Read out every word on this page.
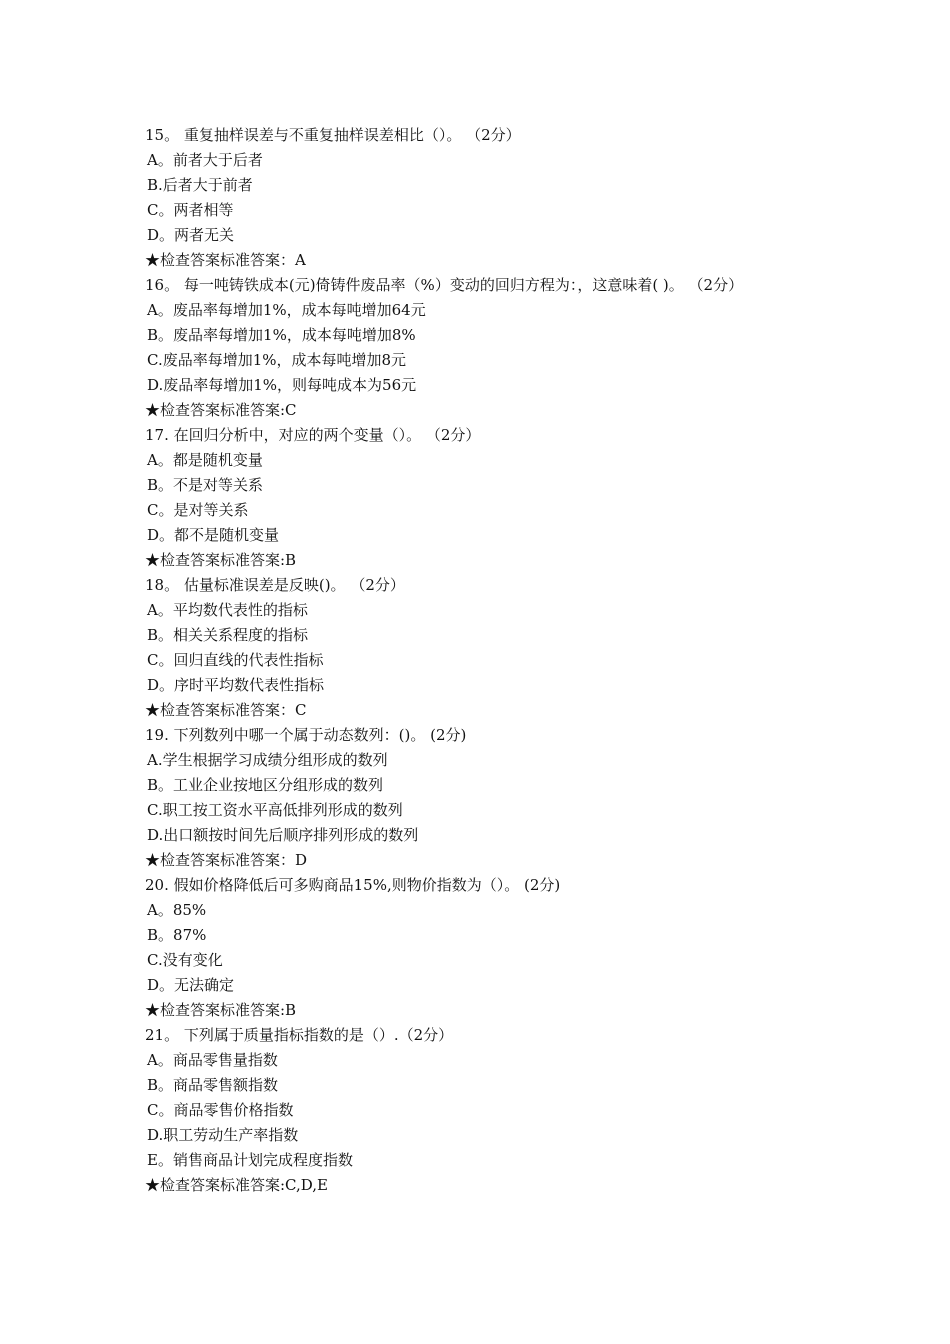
15。 重复抽样误差与不重复抽样误差相比（）。 （2分）
A。前者大于后者
B.后者大于前者
C。两者相等
D。两者无关
★检查答案标准答案：A
16。 每一吨铸铁成本(元)倚铸件废品率（%）变动的回归方程为：，这意味着( )。 （2分）
A。废品率每增加1%，成本每吨增加64元
B。废品率每增加1%，成本每吨增加8%
C.废品率每增加1%，成本每吨增加8元
D.废品率每增加1%，则每吨成本为56元
★检查答案标准答案:C
17. 在回归分析中，对应的两个变量（）。 （2分）
A。都是随机变量
B。不是对等关系
C。是对等关系
D。都不是随机变量
★检查答案标准答案:B
18。 估量标准误差是反映()。 （2分）
A。平均数代表性的指标
B。相关关系程度的指标
C。回归直线的代表性指标
D。序时平均数代表性指标
★检查答案标准答案：C
19. 下列数列中哪一个属于动态数列：()。 (2分)
A.学生根据学习成绩分组形成的数列
B。工业企业按地区分组形成的数列
C.职工按工资水平高低排列形成的数列
D.出口额按时间先后顺序排列形成的数列
★检查答案标准答案：D
20. 假如价格降低后可多购商品15%,则物价指数为（）。 (2分)
A。85%
B。87%
C.没有变化
D。无法确定
★检查答案标准答案:B
21。 下列属于质量指标指数的是（）.（2分）
A。商品零售量指数
B。商品零售额指数
C。商品零售价格指数
D.职工劳动生产率指数
E。销售商品计划完成程度指数
★检查答案标准答案:C,D,E
